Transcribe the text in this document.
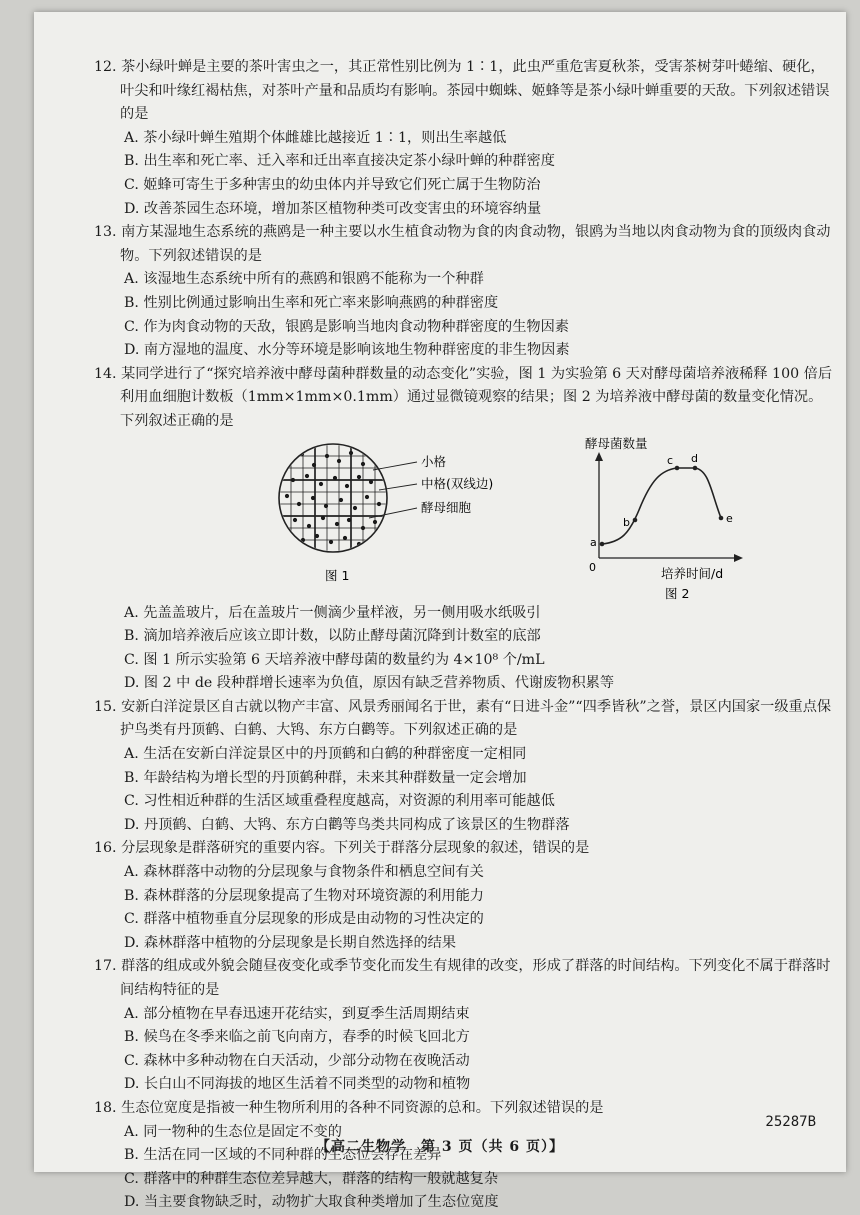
12. 茶小绿叶蝉是主要的茶叶害虫之一，其正常性别比例为 1∶1，此虫严重危害夏秋茶，受害茶树芽叶蜷缩、硬化，叶尖和叶缘红褐枯焦，对茶叶产量和品质均有影响。茶园中蜘蛛、姬蜂等是茶小绿叶蝉重要的天敌。下列叙述错误的是

A. 茶小绿叶蝉生殖期个体雌雄比越接近 1∶1，则出生率越低

B. 出生率和死亡率、迁入率和迁出率直接决定茶小绿叶蝉的种群密度

C. 姬蜂可寄生于多种害虫的幼虫体内并导致它们死亡属于生物防治

D. 改善茶园生态环境，增加茶区植物种类可改变害虫的环境容纳量

13. 南方某湿地生态系统的燕鸥是一种主要以水生植食动物为食的肉食动物，银鸥为当地以肉食动物为食的顶级肉食动物。下列叙述错误的是

A. 该湿地生态系统中所有的燕鸥和银鸥不能称为一个种群

B. 性别比例通过影响出生率和死亡率来影响燕鸥的种群密度

C. 作为肉食动物的天敌，银鸥是影响当地肉食动物种群密度的生物因素

D. 南方湿地的温度、水分等环境是影响该地生物种群密度的非生物因素

14. 某同学进行了“探究培养液中酵母菌种群数量的动态变化”实验，图 1 为实验第 6 天对酵母菌培养液稀释 100 倍后利用血细胞计数板（1mm×1mm×0.1mm）通过显微镜观察的结果；图 2 为培养液中酵母菌的数量变化情况。下列叙述正确的是

小格
中格(双线边)
酵母细胞
图 1
酵母菌数量
0
a
b
c d
e
培养时间/d
图 2

A. 先盖盖玻片，后在盖玻片一侧滴少量样液，另一侧用吸水纸吸引

B. 滴加培养液后应该立即计数，以防止酵母菌沉降到计数室的底部

C. 图 1 所示实验第 6 天培养液中酵母菌的数量约为 4×10⁸ 个/mL

D. 图 2 中 de 段种群增长速率为负值，原因有缺乏营养物质、代谢废物积累等

15. 安新白洋淀景区自古就以物产丰富、风景秀丽闻名于世，素有“日进斗金”“四季皆秋”之誉，景区内国家一级重点保护鸟类有丹顶鹤、白鹤、大鸨、东方白鹳等。下列叙述正确的是

A. 生活在安新白洋淀景区中的丹顶鹤和白鹤的种群密度一定相同

B. 年龄结构为增长型的丹顶鹤种群，未来其种群数量一定会增加

C. 习性相近种群的生活区域重叠程度越高，对资源的利用率可能越低

D. 丹顶鹤、白鹤、大鸨、东方白鹳等鸟类共同构成了该景区的生物群落

16. 分层现象是群落研究的重要内容。下列关于群落分层现象的叙述，错误的是

A. 森林群落中动物的分层现象与食物条件和栖息空间有关

B. 森林群落的分层现象提高了生物对环境资源的利用能力

C. 群落中植物垂直分层现象的形成是由动物的习性决定的

D. 森林群落中植物的分层现象是长期自然选择的结果

17. 群落的组成或外貌会随昼夜变化或季节变化而发生有规律的改变，形成了群落的时间结构。下列变化不属于群落时间结构特征的是

A. 部分植物在早春迅速开花结实，到夏季生活周期结束

B. 候鸟在冬季来临之前飞向南方，春季的时候飞回北方

C. 森林中多种动物在白天活动，少部分动物在夜晚活动

D. 长白山不同海拔的地区生活着不同类型的动物和植物

18. 生态位宽度是指被一种生物所利用的各种不同资源的总和。下列叙述错误的是

A. 同一物种的生态位是固定不变的

B. 生活在同一区域的不同种群的生态位会存在差异

C. 群落中的种群生态位差异越大，群落的结构一般就越复杂

D. 当主要食物缺乏时，动物扩大取食种类增加了生态位宽度

25287B
【高二生物学　第 3 页（共 6 页）】
